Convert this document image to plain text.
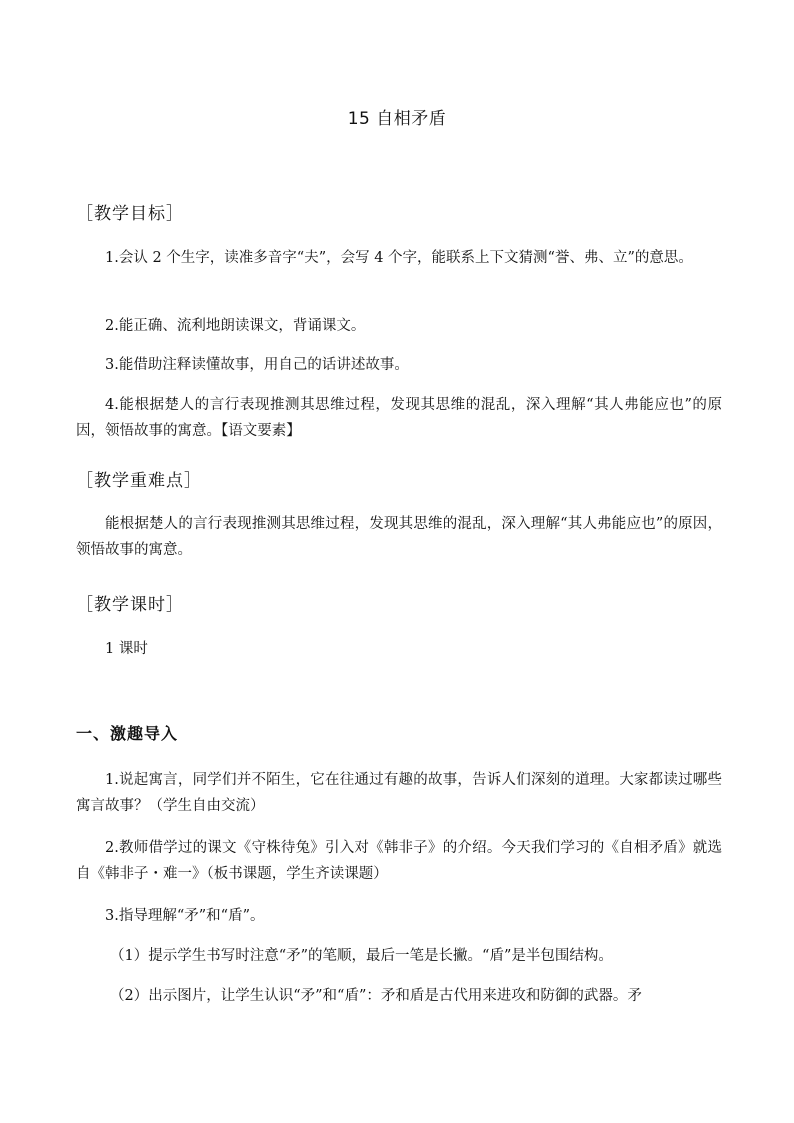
15 自相矛盾
［教学目标］
1.会认 2 个生字，读准多音字“夫”，会写 4 个字，能联系上下文猜测“誉、弗、立”的意思。
2.能正确、流利地朗读课文，背诵课文。
3.能借助注释读懂故事，用自己的话讲述故事。
4.能根据楚人的言行表现推测其思维过程，发现其思维的混乱，深入理解“其人弗能应也”的原因，领悟故事的寓意。【语文要素】
［教学重难点］
能根据楚人的言行表现推测其思维过程，发现其思维的混乱，深入理解“其人弗能应也”的原因，领悟故事的寓意。
［教学课时］
1 课时
一、激趣导入
1.说起寓言，同学们并不陌生，它在往通过有趣的故事，告诉人们深刻的道理。大家都读过哪些寓言故事？（学生自由交流）
2.教师借学过的课文《守株待兔》引入对《韩非子》的介绍。今天我们学习的《自相矛盾》就选自《韩非子・难一》（板书课题，学生齐读课题）
3.指导理解“矛”和“盾”。
（1）提示学生书写时注意“矛”的笔顺，最后一笔是长撇。“盾”是半包围结构。
（2）出示图片，让学生认识“矛”和“盾”：矛和盾是古代用来进攻和防御的武器。矛
